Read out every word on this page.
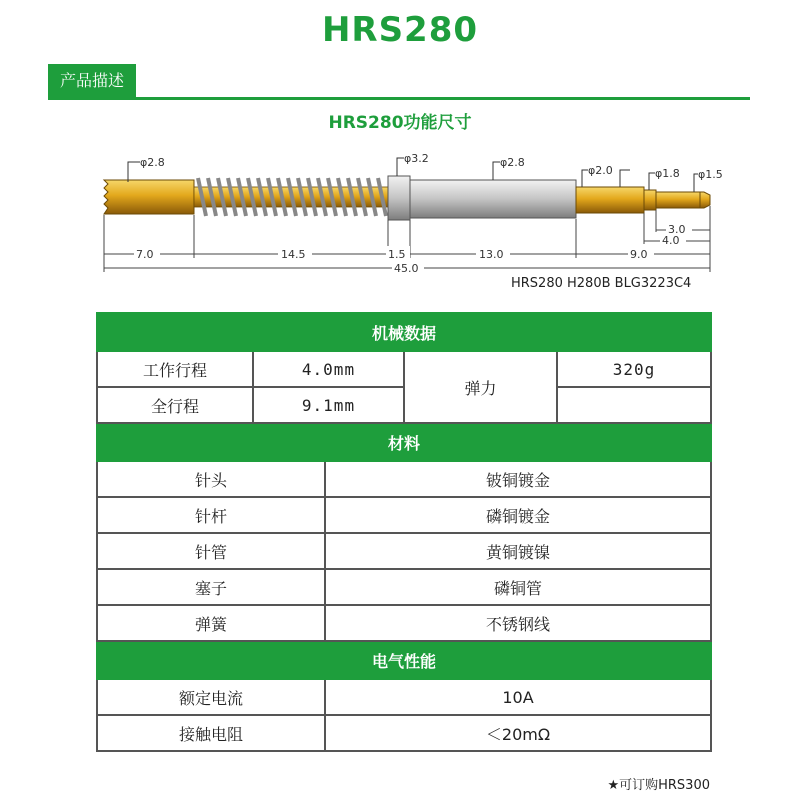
HRS280
产品描述
HRS280功能尺寸
φ2.8	φ3.2	φ2.8
φ2.0	φ1.8 φ1.5
7.0	14.5	1.5	13.0	9.0
3.0
4.0
45.0
HRS280 H280B BLG3223C4
机械数据				
工作行程	4.0mm		弹力	320g
全行程	9.1mm			
材料				
针头		铍铜镀金		
针杆		磷铜镀金		
针管		黄铜镀镍		
塞子		磷铜管		
弹簧		不锈钢线		
电气性能				
额定电流		10A		
接触电阻		＜20mΩ		
★可订购HRS300
